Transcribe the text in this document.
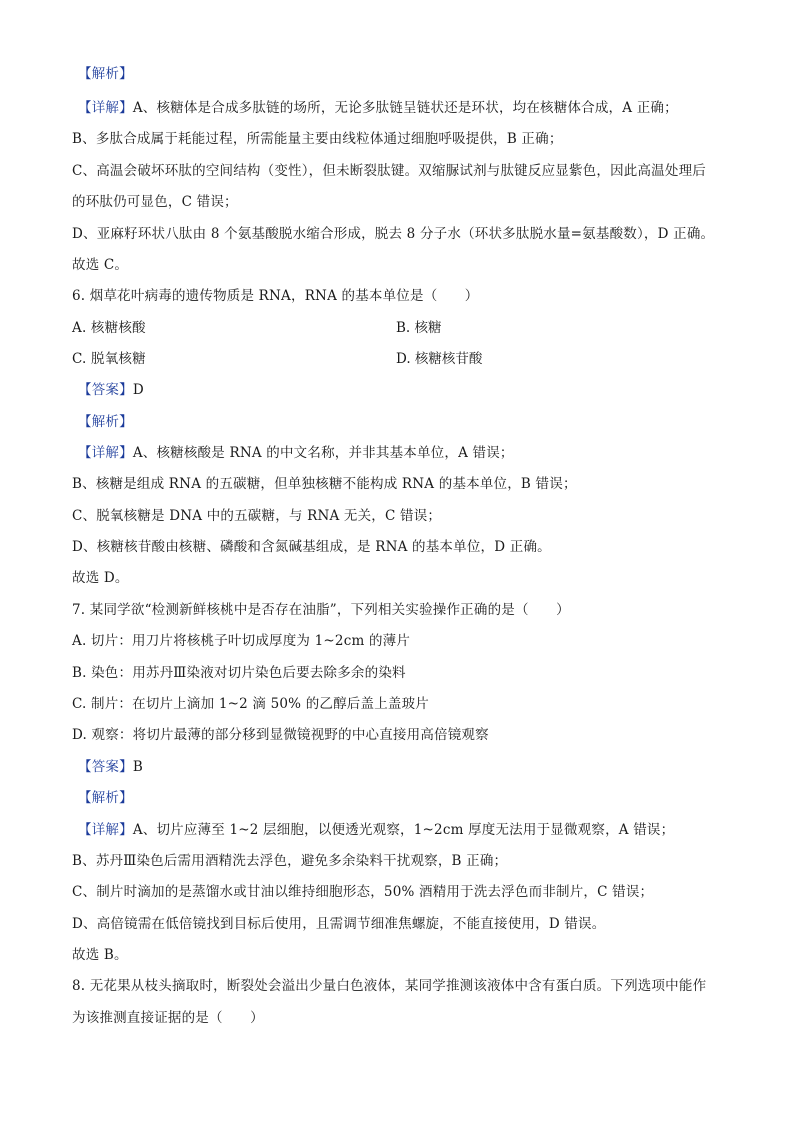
【解析】
【详解】A、核糖体是合成多肽链的场所，无论多肽链呈链状还是环状，均在核糖体合成，A 正确；
B、多肽合成属于耗能过程，所需能量主要由线粒体通过细胞呼吸提供，B 正确；
C、高温会破坏环肽的空间结构（变性），但未断裂肽键。双缩脲试剂与肽键反应显紫色，因此高温处理后
的环肽仍可显色，C 错误；
D、亚麻籽环状八肽由 8 个氨基酸脱水缩合形成，脱去 8 分子水（环状多肽脱水量=氨基酸数），D 正确。
故选 C。
6. 烟草花叶病毒的遗传物质是 RNA，RNA 的基本单位是（　　）
A. 核糖核酸	B. 核糖
C. 脱氧核糖	D. 核糖核苷酸
【答案】D
【解析】
【详解】A、核糖核酸是 RNA 的中文名称，并非其基本单位，A 错误；
B、核糖是组成 RNA 的五碳糖，但单独核糖不能构成 RNA 的基本单位，B 错误；
C、脱氧核糖是 DNA 中的五碳糖，与 RNA 无关，C 错误；
D、核糖核苷酸由核糖、磷酸和含氮碱基组成，是 RNA 的基本单位，D 正确。
故选 D。
7. 某同学欲“检测新鲜核桃中是否存在油脂”，下列相关实验操作正确的是（　　）
A. 切片：用刀片将核桃子叶切成厚度为 1~2cm 的薄片
B. 染色：用苏丹Ⅲ染液对切片染色后要去除多余的染料
C. 制片：在切片上滴加 1~2 滴 50% 的乙醇后盖上盖玻片
D. 观察：将切片最薄的部分移到显微镜视野的中心直接用高倍镜观察
【答案】B
【解析】
【详解】A、切片应薄至 1~2 层细胞，以便透光观察，1~2cm 厚度无法用于显微观察，A 错误；
B、苏丹Ⅲ染色后需用酒精洗去浮色，避免多余染料干扰观察，B 正确；
C、制片时滴加的是蒸馏水或甘油以维持细胞形态，50% 酒精用于洗去浮色而非制片，C 错误；
D、高倍镜需在低倍镜找到目标后使用，且需调节细准焦螺旋，不能直接使用，D 错误。
故选 B。
8. 无花果从枝头摘取时，断裂处会溢出少量白色液体，某同学推测该液体中含有蛋白质。下列选项中能作
为该推测直接证据的是（　　）
